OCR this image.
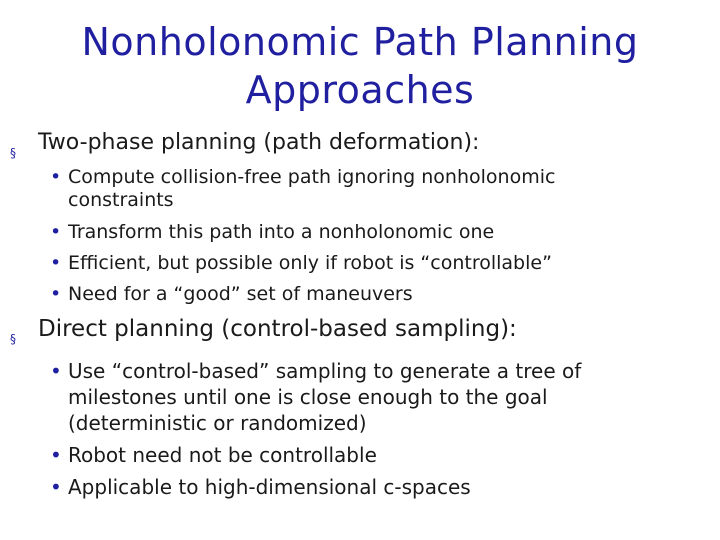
Nonholonomic Path Planning
Approaches
§ Two-phase planning (path deformation):
• Compute collision-free path ignoring nonholonomic constraints
• Transform this path into a nonholonomic one
• Efficient, but possible only if robot is “controllable”
• Need for a “good” set of maneuvers
§ Direct planning (control-based sampling):
• Use “control-based” sampling to generate a tree of milestones until one is close enough to the goal (deterministic or randomized)
• Robot need not be controllable
• Applicable to high-dimensional c-spaces
